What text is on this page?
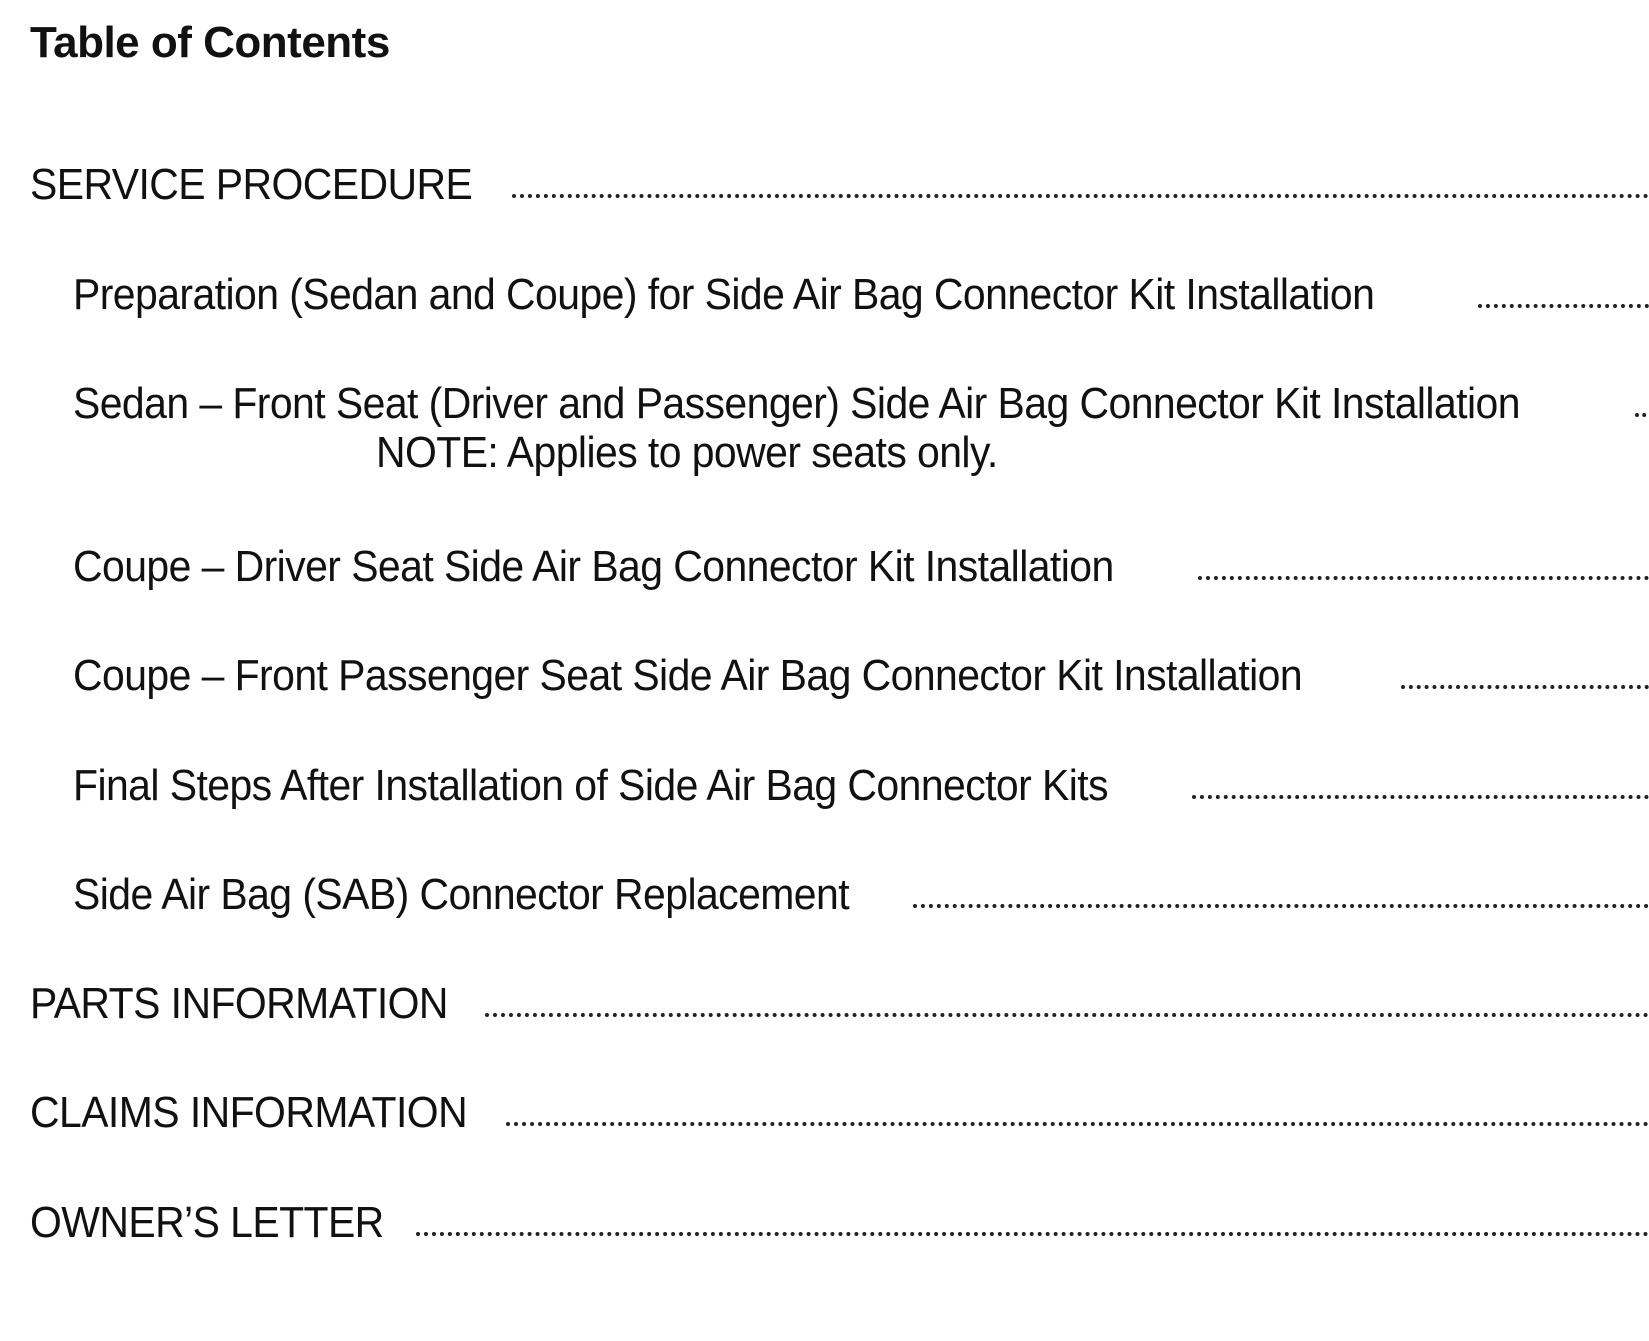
Table of Contents
SERVICE PROCEDURE
Preparation (Sedan and Coupe) for Side Air Bag Connector Kit Installation
Sedan – Front Seat (Driver and Passenger) Side Air Bag Connector Kit Installation
NOTE: Applies to power seats only.
Coupe – Driver Seat Side Air Bag Connector Kit Installation
Coupe – Front Passenger Seat Side Air Bag Connector Kit Installation
Final Steps After Installation of Side Air Bag Connector Kits
Side Air Bag (SAB) Connector Replacement
PARTS INFORMATION
CLAIMS INFORMATION
OWNER’S LETTER
